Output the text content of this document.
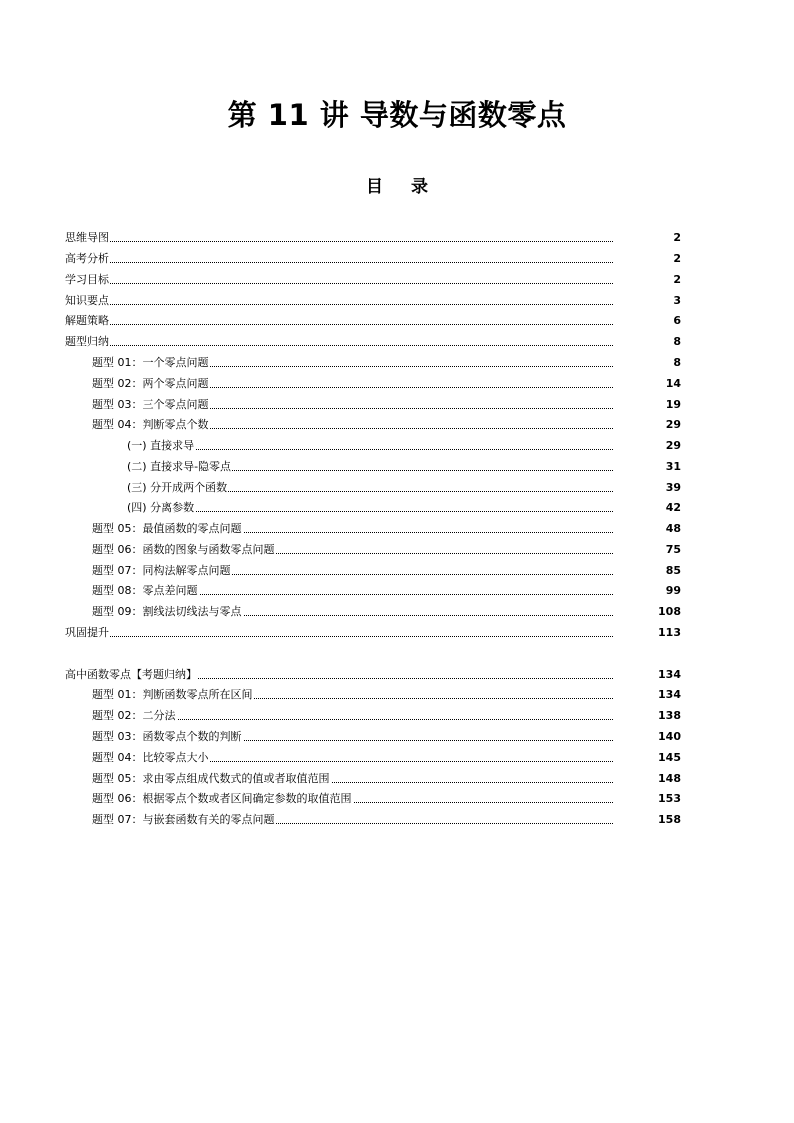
第 11 讲 导数与函数零点
目 录
思维导图	2
高考分析	2
学习目标	2
知识要点	3
解题策略	6
题型归纳	8
题型 01：一个零点问题	8
题型 02：两个零点问题	14
题型 03：三个零点问题	19
题型 04：判断零点个数	29
(一) 直接求导	29
(二) 直接求导-隐零点	31
(三) 分开成两个函数	39
(四) 分离参数	42
题型 05：最值函数的零点问题	48
题型 06：函数的图象与函数零点问题	75
题型 07：同构法解零点问题	85
题型 08：零点差问题	99
题型 09：割线法切线法与零点	108
巩固提升	113
高中函数零点【考题归纳】	134
题型 01：判断函数零点所在区间	134
题型 02：二分法	138
题型 03：函数零点个数的判断	140
题型 04：比较零点大小	145
题型 05：求由零点组成代数式的值或者取值范围	148
题型 06：根据零点个数或者区间确定参数的取值范围	153
题型 07：与嵌套函数有关的零点问题	158
